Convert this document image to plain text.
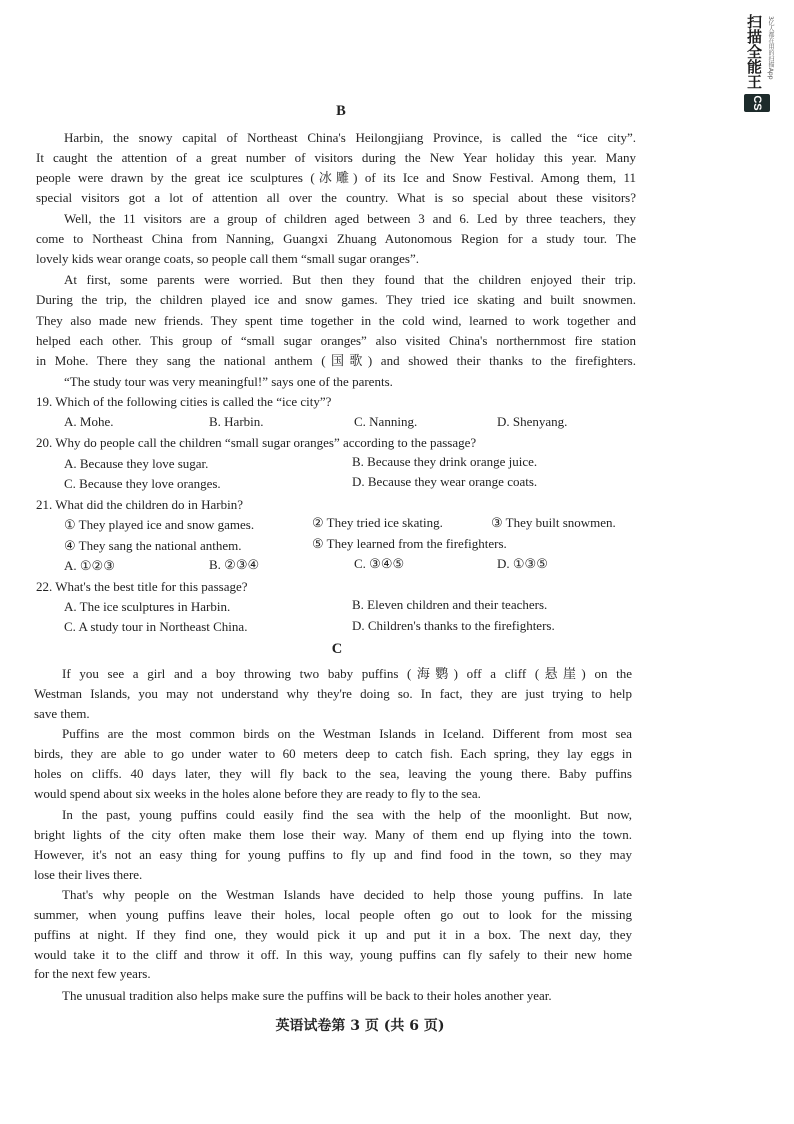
扫描全能王 3亿人都在用的扫描App
CS
B
Harbin, the snowy capital of Northeast China's Heilongjiang Province, is called the “ice city”.
It caught the attention of a great number of visitors during the New Year holiday this year. Many
people were drawn by the great ice sculptures (冰雕) of its Ice and Snow Festival. Among them, 11
special visitors got a lot of attention all over the country. What is so special about these visitors?
Well, the 11 visitors are a group of children aged between 3 and 6. Led by three teachers, they
come to Northeast China from Nanning, Guangxi Zhuang Autonomous Region for a study tour. The
lovely kids wear orange coats, so people call them “small sugar oranges”.
At first, some parents were worried. But then they found that the children enjoyed their trip.
During the trip, the children played ice and snow games. They tried ice skating and built snowmen.
They also made new friends. They spent time together in the cold wind, learned to work together and
helped each other. This group of “small sugar oranges” also visited China's northernmost fire station
in Mohe. There they sang the national anthem (国歌) and showed their thanks to the firefighters.
“The study tour was very meaningful!” says one of the parents.
19. Which of the following cities is called the “ice city”?
A. Mohe.	B. Harbin.	C. Nanning.	D. Shenyang.
20. Why do people call the children “small sugar oranges” according to the passage?
A. Because they love sugar.	B. Because they drink orange juice.
C. Because they love oranges.	D. Because they wear orange coats.
21. What did the children do in Harbin?
① They played ice and snow games.	② They tried ice skating.	③ They built snowmen.
④ They sang the national anthem.	⑤ They learned from the firefighters.
A. ①②③	B. ②③④	C. ③④⑤	D. ①③⑤
22. What's the best title for this passage?
A. The ice sculptures in Harbin.	B. Eleven children and their teachers.
C. A study tour in Northeast China.	D. Children's thanks to the firefighters.
C
If you see a girl and a boy throwing two baby puffins (海鹦) off a cliff (悬崖) on the
Westman Islands, you may not understand why they're doing so. In fact, they are just trying to help
save them.
Puffins are the most common birds on the Westman Islands in Iceland. Different from most sea
birds, they are able to go under water to 60 meters deep to catch fish. Each spring, they lay eggs in
holes on cliffs. 40 days later, they will fly back to the sea, leaving the young there. Baby puffins
would spend about six weeks in the holes alone before they are ready to fly to the sea.
In the past, young puffins could easily find the sea with the help of the moonlight. But now,
bright lights of the city often make them lose their way. Many of them end up flying into the town.
However, it's not an easy thing for young puffins to fly up and find food in the town, so they may
lose their lives there.
That's why people on the Westman Islands have decided to help those young puffins. In late
summer, when young puffins leave their holes, local people often go out to look for the missing
puffins at night. If they find one, they would pick it up and put it in a box. The next day, they
would take it to the cliff and throw it off. In this way, young puffins can fly safely to their new home
for the next few years.
The unusual tradition also helps make sure the puffins will be back to their holes another year.
英语试卷第 3 页 (共 6 页)
